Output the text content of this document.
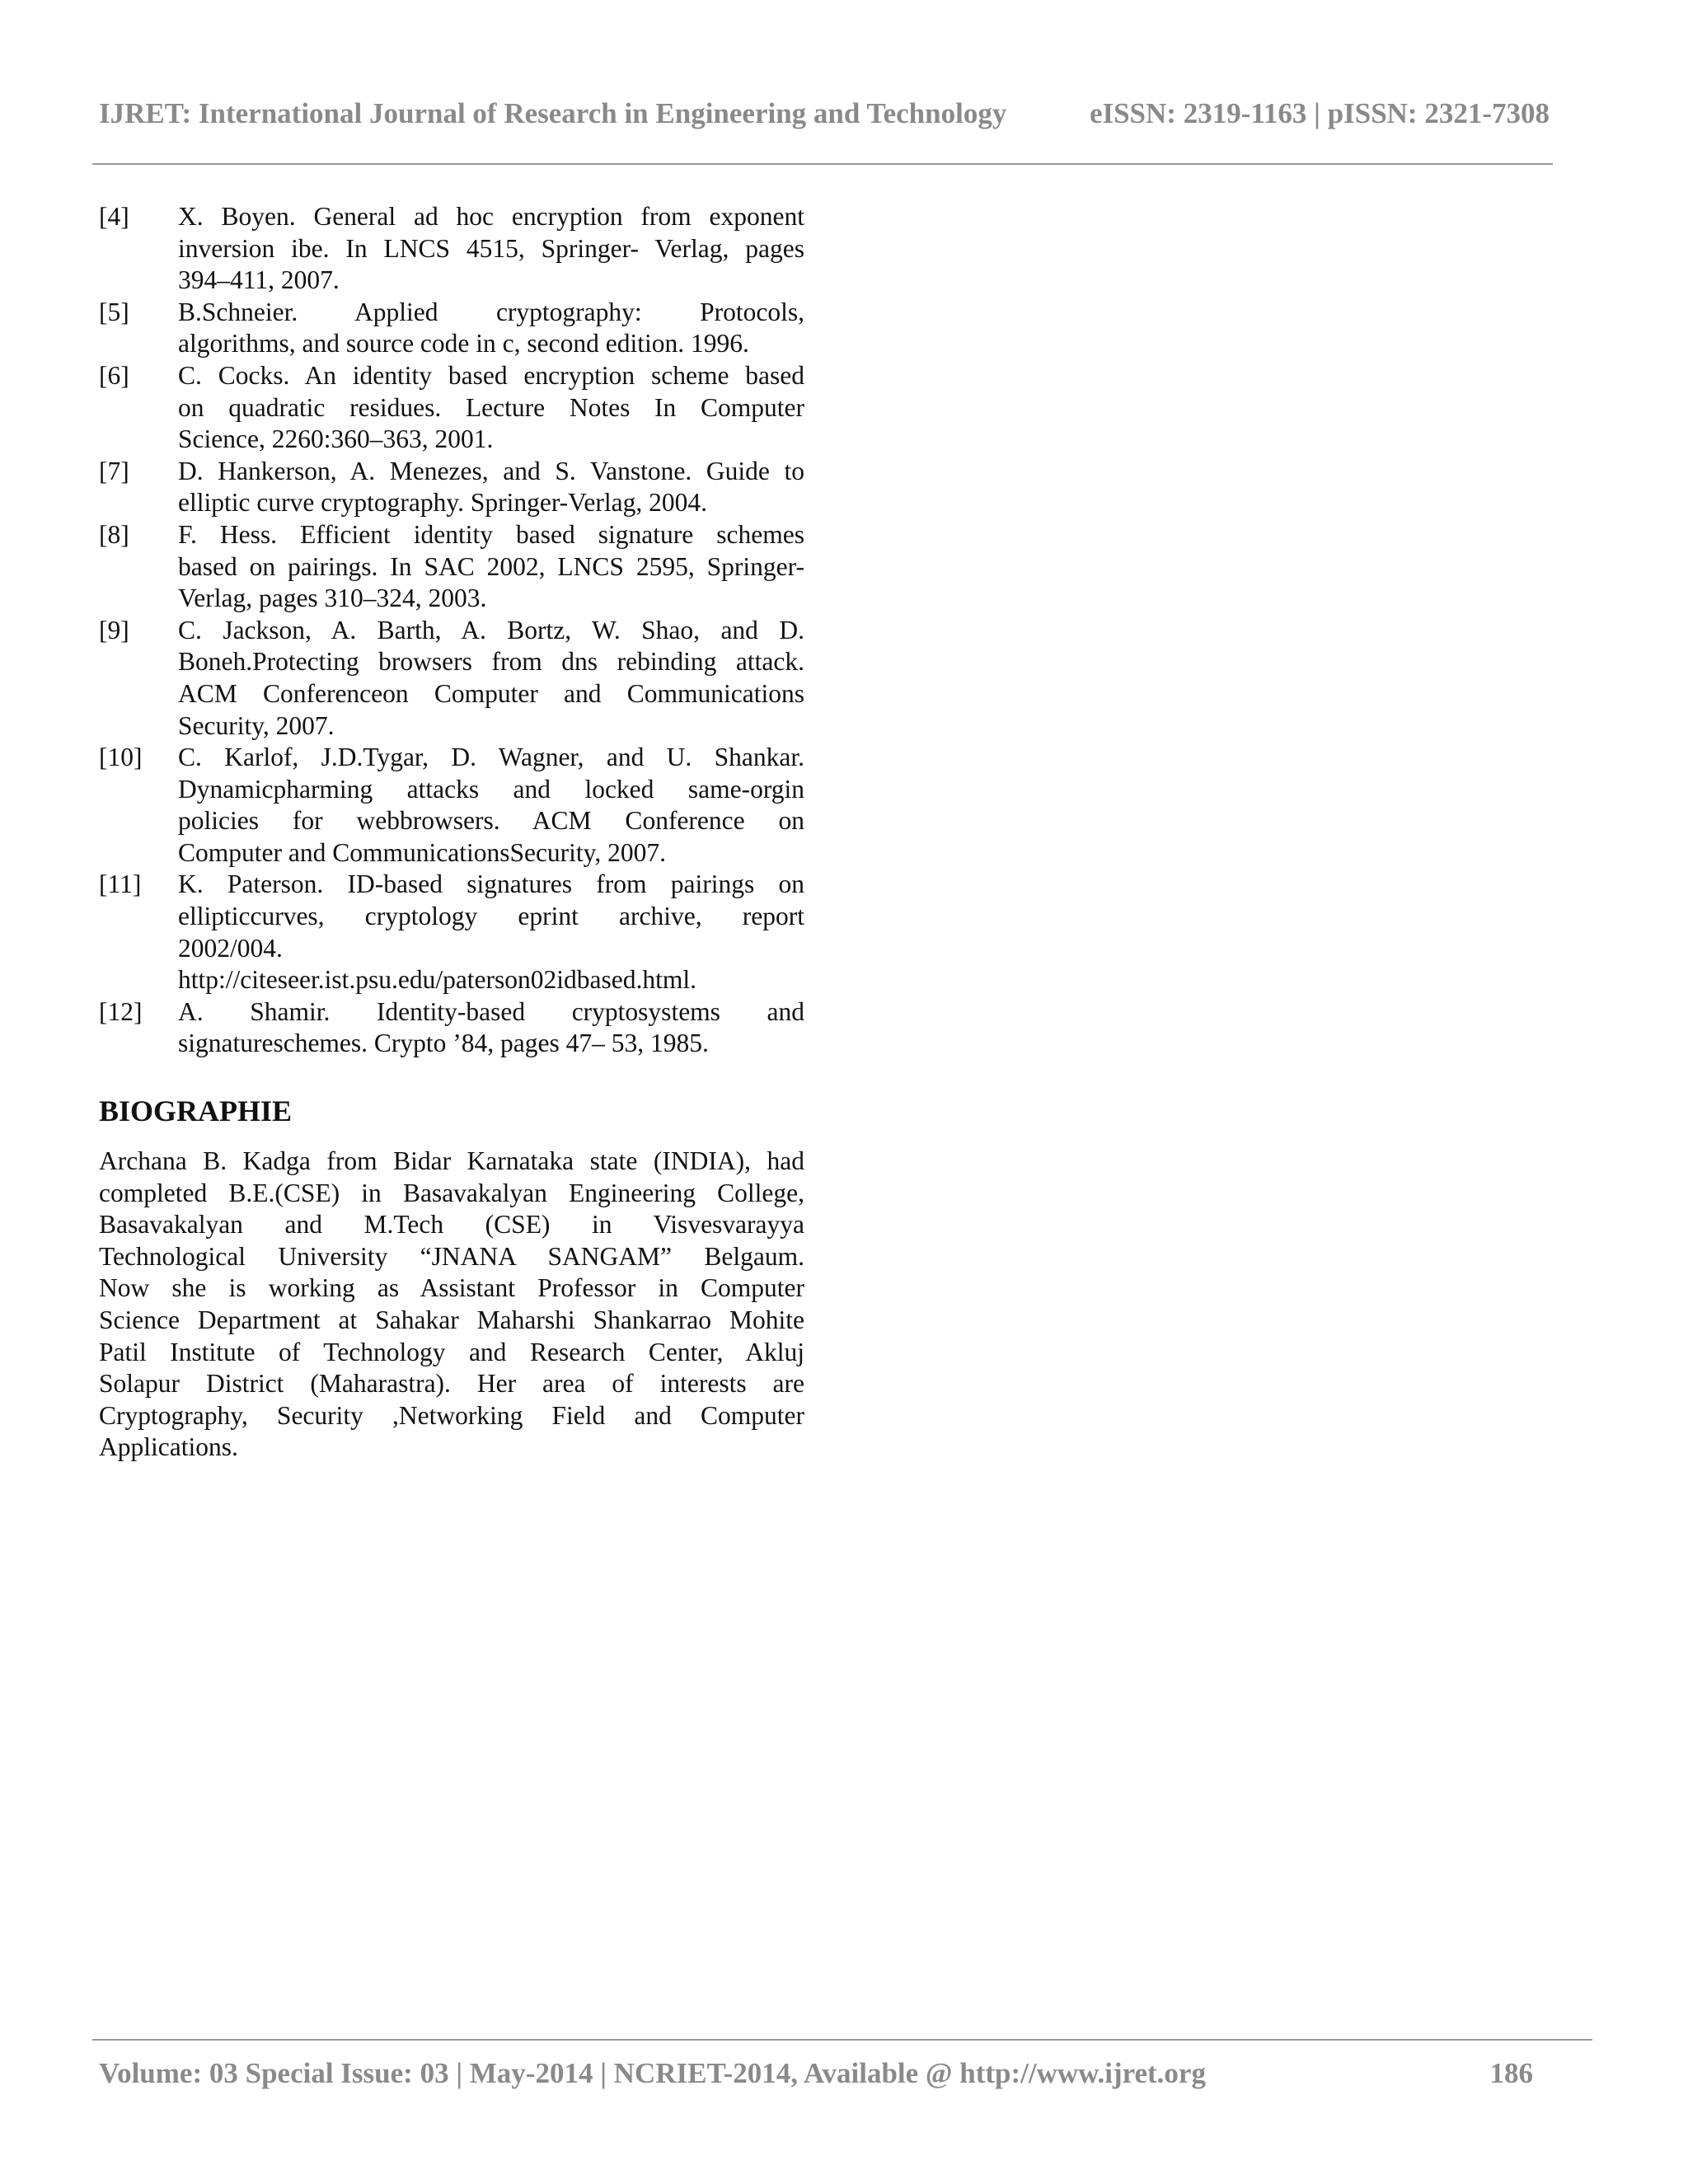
IJRET: International Journal of Research in Engineering and Technology	eISSN: 2319-1163 | pISSN: 2321-7308
[4]	X. Boyen. General ad hoc encryption from exponent
inversion ibe. In LNCS 4515, Springer- Verlag, pages
394–411, 2007.
[5]	B.Schneier. Applied cryptography: Protocols,
algorithms, and source code in c, second edition. 1996.
[6]	C. Cocks. An identity based encryption scheme based
on quadratic residues. Lecture Notes In Computer
Science, 2260:360–363, 2001.
[7]	D. Hankerson, A. Menezes, and S. Vanstone. Guide to
elliptic curve cryptography. Springer-Verlag, 2004.
[8]	F. Hess. Efficient identity based signature schemes
based on pairings. In SAC 2002, LNCS 2595, Springer-
Verlag, pages 310–324, 2003.
[9]	C. Jackson, A. Barth, A. Bortz, W. Shao, and D.
Boneh.Protecting browsers from dns rebinding attack.
ACM Conferenceon Computer and Communications
Security, 2007.
[10]	C. Karlof, J.D.Tygar, D. Wagner, and U. Shankar.
Dynamicpharming attacks and locked same-orgin
policies for webbrowsers. ACM Conference on
Computer and CommunicationsSecurity, 2007.
[11]	K. Paterson. ID-based signatures from pairings on
ellipticcurves, cryptology eprint archive, report
2002/004.
http://citeseer.ist.psu.edu/paterson02idbased.html.
[12]	A. Shamir. Identity-based cryptosystems and
signatureschemes. Crypto ’84, pages 47– 53, 1985.
BIOGRAPHIE
Archana B. Kadga from Bidar Karnataka state (INDIA), had
completed B.E.(CSE) in Basavakalyan Engineering College,
Basavakalyan and M.Tech (CSE) in Visvesvarayya
Technological University “JNANA SANGAM” Belgaum.
Now she is working as Assistant Professor in Computer
Science Department at Sahakar Maharshi Shankarrao Mohite
Patil Institute of Technology and Research Center, Akluj
Solapur District (Maharastra). Her area of interests are
Cryptography, Security ,Networking Field and Computer
Applications.
Volume: 03 Special Issue: 03 | May-2014 | NCRIET-2014, Available @ http://www.ijret.org	186
